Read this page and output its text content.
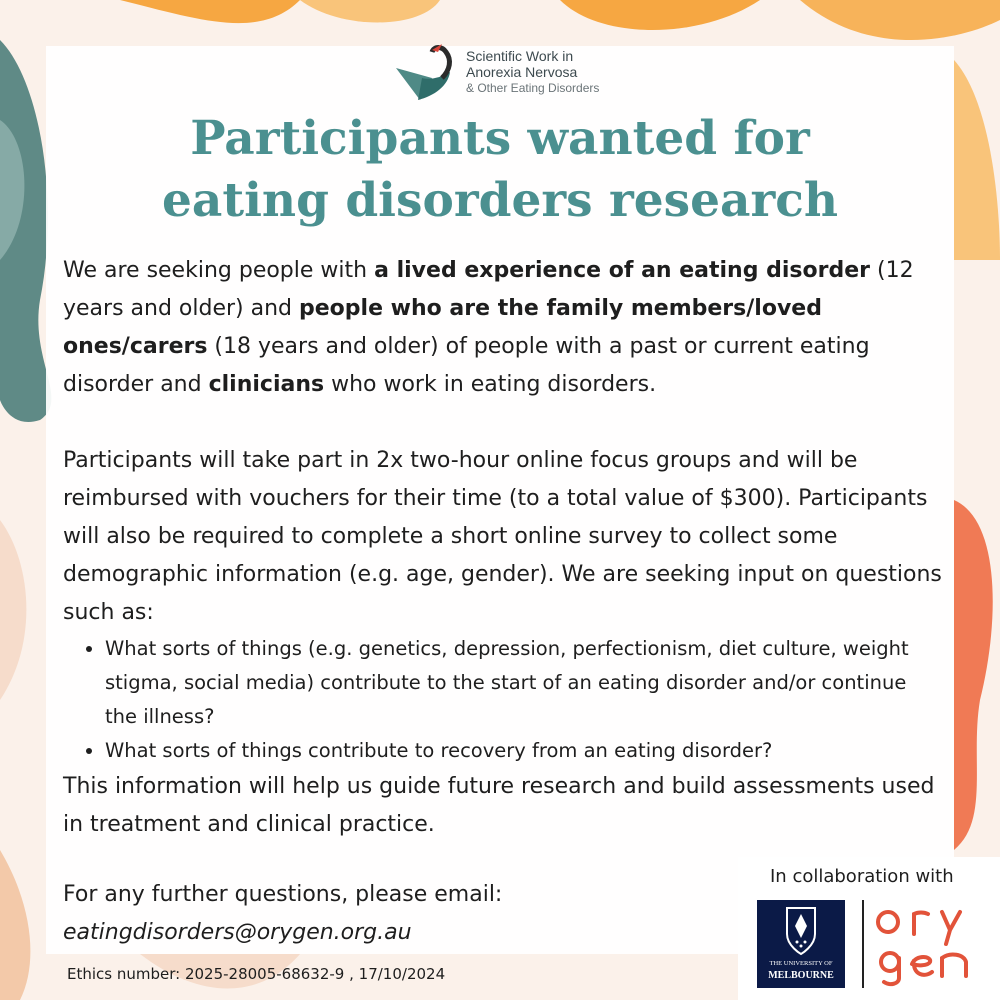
Scientific Work in
Anorexia Nervosa
& Other Eating Disorders
Participants wanted for
eating disorders research

We are seeking people with a lived experience of an eating disorder (12 years and older) and people who are the family members/loved ones/carers (18 years and older) of people with a past or current eating disorder and clinicians who work in eating disorders.

Participants will take part in 2x two-hour online focus groups and will be reimbursed with vouchers for their time (to a total value of $300). Participants will also be required to complete a short online survey to collect some demographic information (e.g. age, gender). We are seeking input on questions such as:

• What sorts of things (e.g. genetics, depression, perfectionism, diet culture, weight stigma, social media) contribute to the start of an eating disorder and/or continue the illness?
• What sorts of things contribute to recovery from an eating disorder?

This information will help us guide future research and build assessments used in treatment and clinical practice.

For any further questions, please email:
eatingdisorders@orygen.org.au
Ethics number: 2025-28005-68632-9 , 17/10/2024
In collaboration with
THE UNIVERSITY OF
MELBOURNE
